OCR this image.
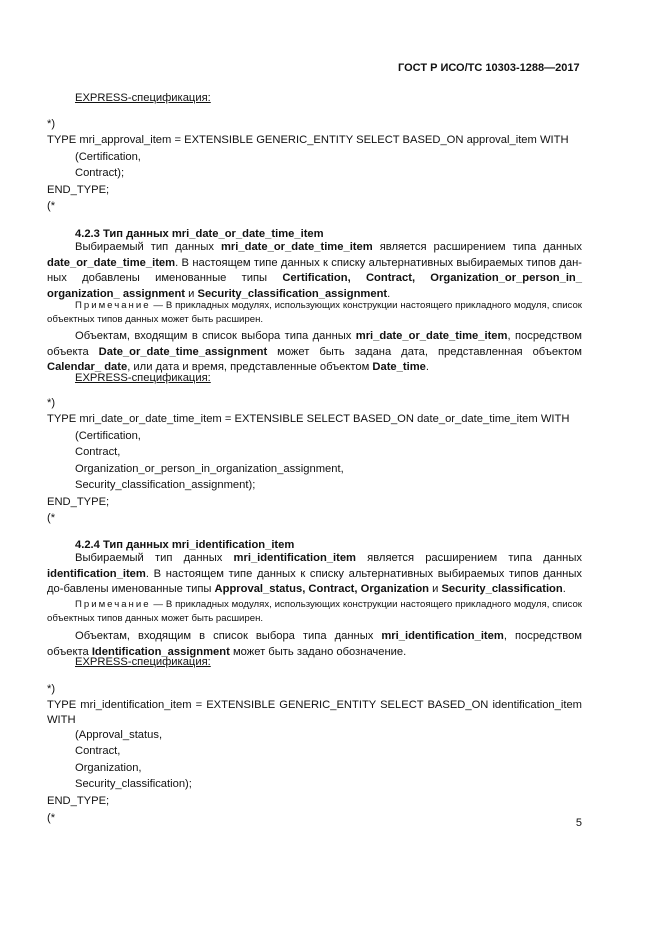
ГОСТ Р ИСО/ТС 10303-1288—2017
EXPRESS-спецификация:
*)
TYPE mri_approval_item = EXTENSIBLE GENERIC_ENTITY SELECT BASED_ON approval_item WITH
(Certification,
Contract);
END_TYPE;
(*
4.2.3 Тип данных mri_date_or_date_time_item
Выбираемый тип данных mri_date_or_date_time_item является расширением типа данных date_or_date_time_item. В настоящем типе данных к списку альтернативных выбираемых типов дан-ных добавлены именованные типы Certification, Contract, Organization_or_person_in_ organization_ assignment и Security_classification_assignment.
Примечание — В прикладных модулях, использующих конструкции настоящего прикладного модуля, список объектных типов данных может быть расширен.
Объектам, входящим в список выбора типа данных mri_date_or_date_time_item, посредством объекта Date_or_date_time_assignment может быть задана дата, представленная объектом Calendar_ date, или дата и время, представленные объектом Date_time.
EXPRESS-спецификация:
*)
TYPE mri_date_or_date_time_item = EXTENSIBLE SELECT BASED_ON date_or_date_time_item WITH
(Certification,
Contract,
Organization_or_person_in_organization_assignment,
Security_classification_assignment);
END_TYPE;
(*
4.2.4 Тип данных mri_identification_item
Выбираемый тип данных mri_identification_item является расширением типа данных identification_item. В настоящем типе данных к списку альтернативных выбираемых типов данных до-бавлены именованные типы Approval_status, Contract, Organization и Security_classification.
Примечание — В прикладных модулях, использующих конструкции настоящего прикладного модуля, список объектных типов данных может быть расширен.
Объектам, входящим в список выбора типа данных mri_identification_item, посредством объекта Identification_assignment может быть задано обозначение.
EXPRESS-спецификация:
*)
TYPE mri_identification_item = EXTENSIBLE GENERIC_ENTITY SELECT BASED_ON identification_item
WITH
(Approval_status,
Contract,
Organization,
Security_classification);
END_TYPE;
(*	5
